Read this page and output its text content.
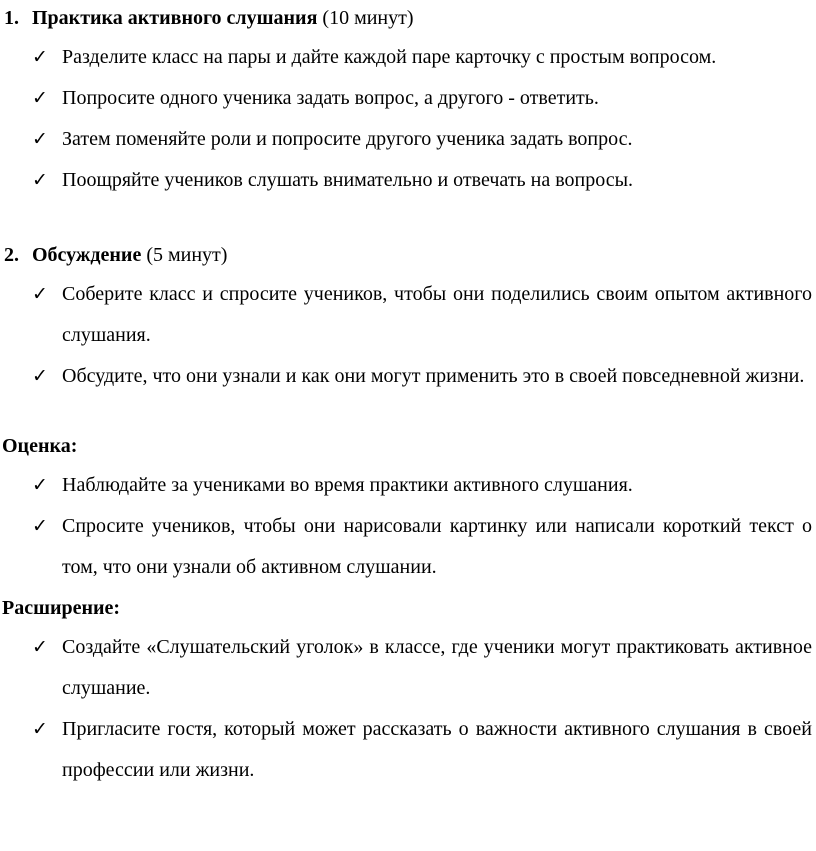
1. Практика активного слушания (10 минут)
✓ Разделите класс на пары и дайте каждой паре карточку с простым вопросом.
✓ Попросите одного ученика задать вопрос, а другого - ответить.
✓ Затем поменяйте роли и попросите другого ученика задать вопрос.
✓ Поощряйте учеников слушать внимательно и отвечать на вопросы.
2. Обсуждение (5 минут)
✓ Соберите класс и спросите учеников, чтобы они поделились своим опытом активного слушания.
✓ Обсудите, что они узнали и как они могут применить это в своей повседневной жизни.
Оценка:
✓ Наблюдайте за учениками во время практики активного слушания.
✓ Спросите учеников, чтобы они нарисовали картинку или написали короткий текст о том, что они узнали об активном слушании.
Расширение:
✓ Создайте «Слушательский уголок» в классе, где ученики могут практиковать активное слушание.
✓ Пригласите гостя, который может рассказать о важности активного слушания в своей профессии или жизни.
